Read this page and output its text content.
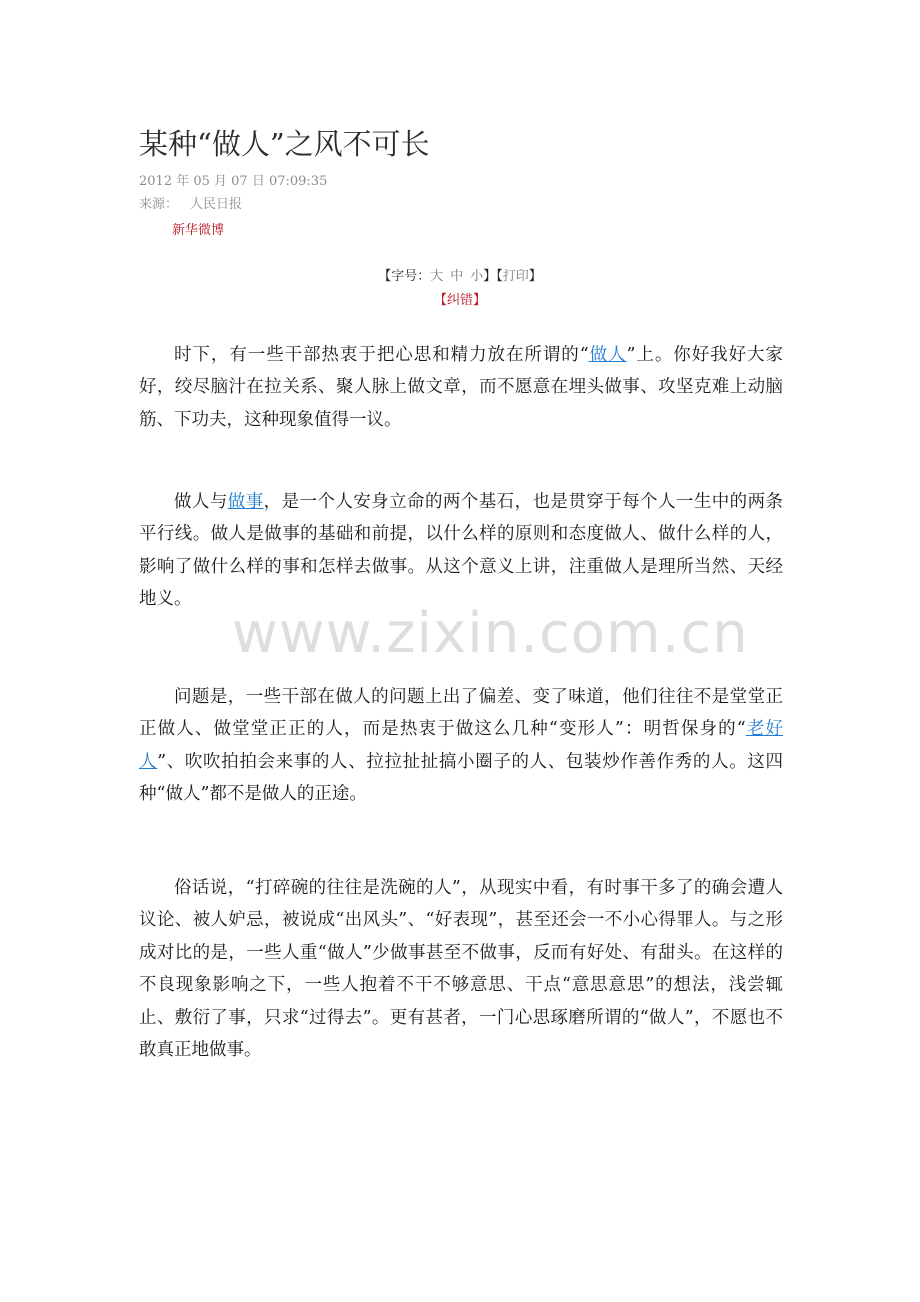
某种“做人”之风不可长
2012 年 05 月 07 日 07:09:35
来源： 人民日报
新华微博
【字号：大 中 小】【打印】
【纠错】

时下，有一些干部热衷于把心思和精力放在所谓的“做人”上。你好我好大家好，绞尽脑汁在拉关系、聚人脉上做文章，而不愿意在埋头做事、攻坚克难上动脑筋、下功夫，这种现象值得一议。

做人与做事，是一个人安身立命的两个基石，也是贯穿于每个人一生中的两条平行线。做人是做事的基础和前提，以什么样的原则和态度做人、做什么样的人，影响了做什么样的事和怎样去做事。从这个意义上讲，注重做人是理所当然、天经地义。

问题是，一些干部在做人的问题上出了偏差、变了味道，他们往往不是堂堂正正做人、做堂堂正正的人，而是热衷于做这么几种“变形人”：明哲保身的“老好人”、吹吹拍拍会来事的人、拉拉扯扯搞小圈子的人、包装炒作善作秀的人。这四种“做人”都不是做人的正途。

俗话说，“打碎碗的往往是洗碗的人”，从现实中看，有时事干多了的确会遭人议论、被人妒忌，被说成“出风头”、“好表现”，甚至还会一不小心得罪人。与之形成对比的是，一些人重“做人”少做事甚至不做事，反而有好处、有甜头。在这样的不良现象影响之下，一些人抱着不干不够意思、干点“意思意思”的想法，浅尝辄止、敷衍了事，只求“过得去”。更有甚者，一门心思琢磨所谓的“做人”，不愿也不敢真正地做事。

www.zixin.com.cn
